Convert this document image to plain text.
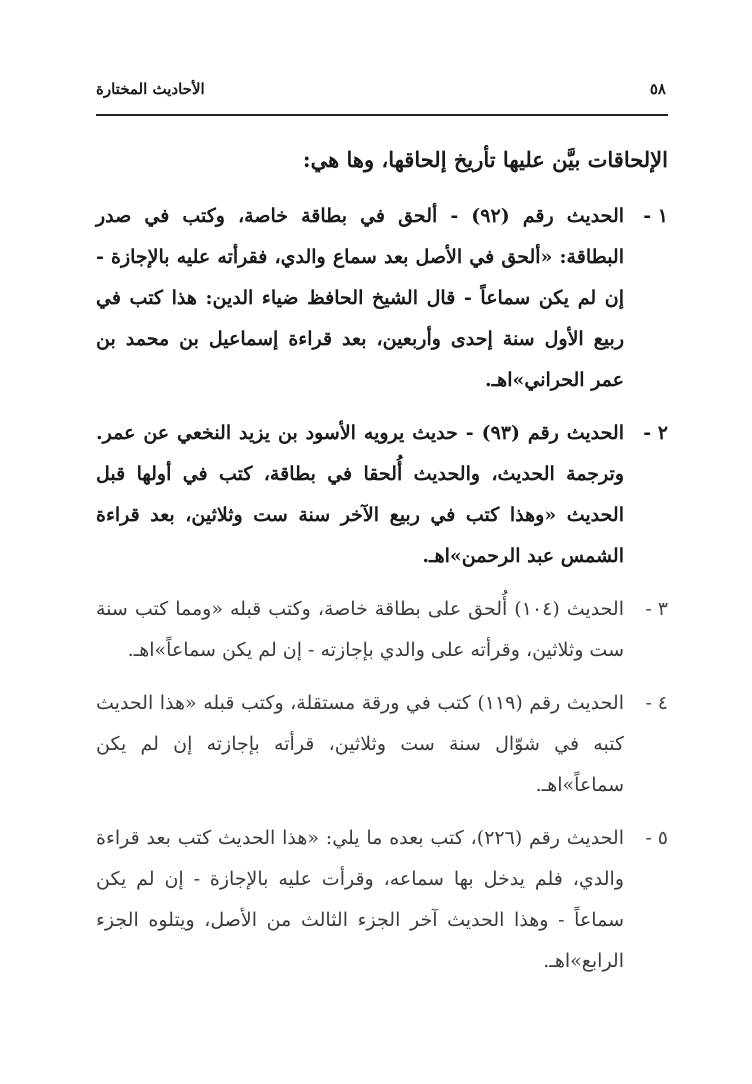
٥٨
الأحاديث المختارة
الإلحاقات بيَّن عليها تأريخ إلحاقها، وها هي:
١ -
الحديث رقم (٩٢) - ألحق في بطاقة خاصة، وكتب في صدر البطاقة: «ألحق في الأصل بعد سماع والدي، فقرأته عليه بالإجازة - إن لم يكن سماعاً - قال الشيخ الحافظ ضياء الدين: هذا كتب في ربيع الأول سنة إحدى وأربعين، بعد قراءة إسماعيل بن محمد بن عمر الحراني»اهـ.
٢ -
الحديث رقم (٩٣) - حديث يرويه الأسود بن يزيد النخعي عن عمر. وترجمة الحديث، والحديث أُلحقا في بطاقة، كتب في أولها قبل الحديث «وهذا كتب في ربيع الآخر سنة ست وثلاثين، بعد قراءة الشمس عبد الرحمن»اهـ.
٣ -
الحديث (١٠٤) أُلحق على بطاقة خاصة، وكتب قبله «ومما كتب سنة ست وثلاثين، وقرأته على والدي بإجازته - إن لم يكن سماعاً»اهـ.
٤ -
الحديث رقم (١١٩) كتب في ورقة مستقلة، وكتب قبله «هذا الحديث كتبه في شوّال سنة ست وثلاثين، قرأته بإجازته إن لم يكن سماعاً»اهـ.
٥ -
الحديث رقم (٢٢٦)، كتب بعده ما يلي: «هذا الحديث كتب بعد قراءة والدي، فلم يدخل بها سماعه، وقرأت عليه بالإجازة - إن لم يكن سماعاً - وهذا الحديث آخر الجزء الثالث من الأصل، ويتلوه الجزء الرابع»اهـ.
